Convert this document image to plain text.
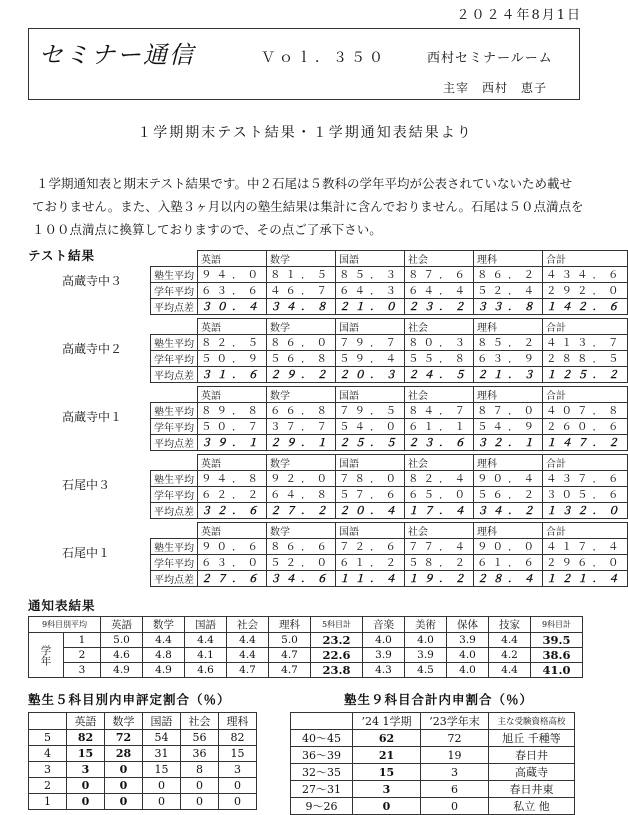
２０２４年8月1日
セミナー通信	Ｖｏｌ．３５０	西村セミナールーム
主宰　西村　恵子
１学期期末テスト結果・１学期通知表結果より
１学期通知表と期末テスト結果です。中２石尾は５教科の学年平均が公表されていないため載せておりません。また、入塾３ヶ月以内の塾生結果は集計に含んでおりません。石尾は５０点満点を１００点満点に換算しておりますので、その点ご了承下さい。
テスト結果
高蔵寺中３
	英語	数学	国語	社会	理科	合計
塾生平均	９４．０	８１．５	８５．３	８７．６	８６．２	４３４．６
学年平均	６３．６	４６．７	６４．３	６４．４	５２．４	２９２．０
平均点差	３０．４	３４．８	２１．０	２３．２	３３．８	１４２．６
高蔵寺中２
	英語	数学	国語	社会	理科	合計
塾生平均	８２．５	８６．０	７９．７	８０．３	８５．２	４１３．７
学年平均	５０．９	５６．８	５９．４	５５．８	６３．９	２８８．５
平均点差	３１．６	２９．２	２０．３	２４．５	２１．３	１２５．２
高蔵寺中１
	英語	数学	国語	社会	理科	合計
塾生平均	８９．８	６６．８	７９．５	８４．７	８７．０	４０７．８
学年平均	５０．７	３７．７	５４．０	６１．１	５４．９	２６０．６
平均点差	３９．１	２９．１	２５．５	２３．６	３２．１	１４７．２
石尾中３
	英語	数学	国語	社会	理科	合計
塾生平均	９４．８	９２．０	７８．０	８２．４	９０．４	４３７．６
学年平均	６２．２	６４．８	５７．６	６５．０	５６．２	３０５．６
平均点差	３２．６	２７．２	２０．４	１７．４	３４．２	１３２．０
石尾中１
	英語	数学	国語	社会	理科	合計
塾生平均	９０．６	８６．６	７２．６	７７．４	９０．０	４１７．４
学年平均	６３．０	５２．０	６１．２	５８．２	６１．６	２９６．０
平均点差	２７．６	３４．６	１１．４	１９．２	２８．４	１２１．４
通知表結果
9科目別平均		英語	数学	国語	社会	理科	5科目計	音楽	美術	保体	技家	9科目計
学年	1	5.0	4.4	4.4	4.4	5.0	23.2	4.0	4.0	3.9	4.4	39.5
	2	4.6	4.8	4.1	4.4	4.7	22.6	3.9	3.9	4.0	4.2	38.6
	3	4.9	4.9	4.6	4.7	4.7	23.8	4.3	4.5	4.0	4.4	41.0
塾生５科目別内申評定割合（％）	塾生９科目合計内申割合（％）
	英語	数学	国語	社会	理科
5	82	72	54	56	82
4	15	28	31	36	15
3	3	0	15	8	3
2	0	0	0	0	0
1	0	0	0	0	0
	’24 1学期	’23学年末	主な受験資格高校
40～45	62	72	旭丘 千種等
36～39	21	19	春日井
32～35	15	3	高蔵寺
27～31	3	6	春日井東
9～26	0	0	私立 他
